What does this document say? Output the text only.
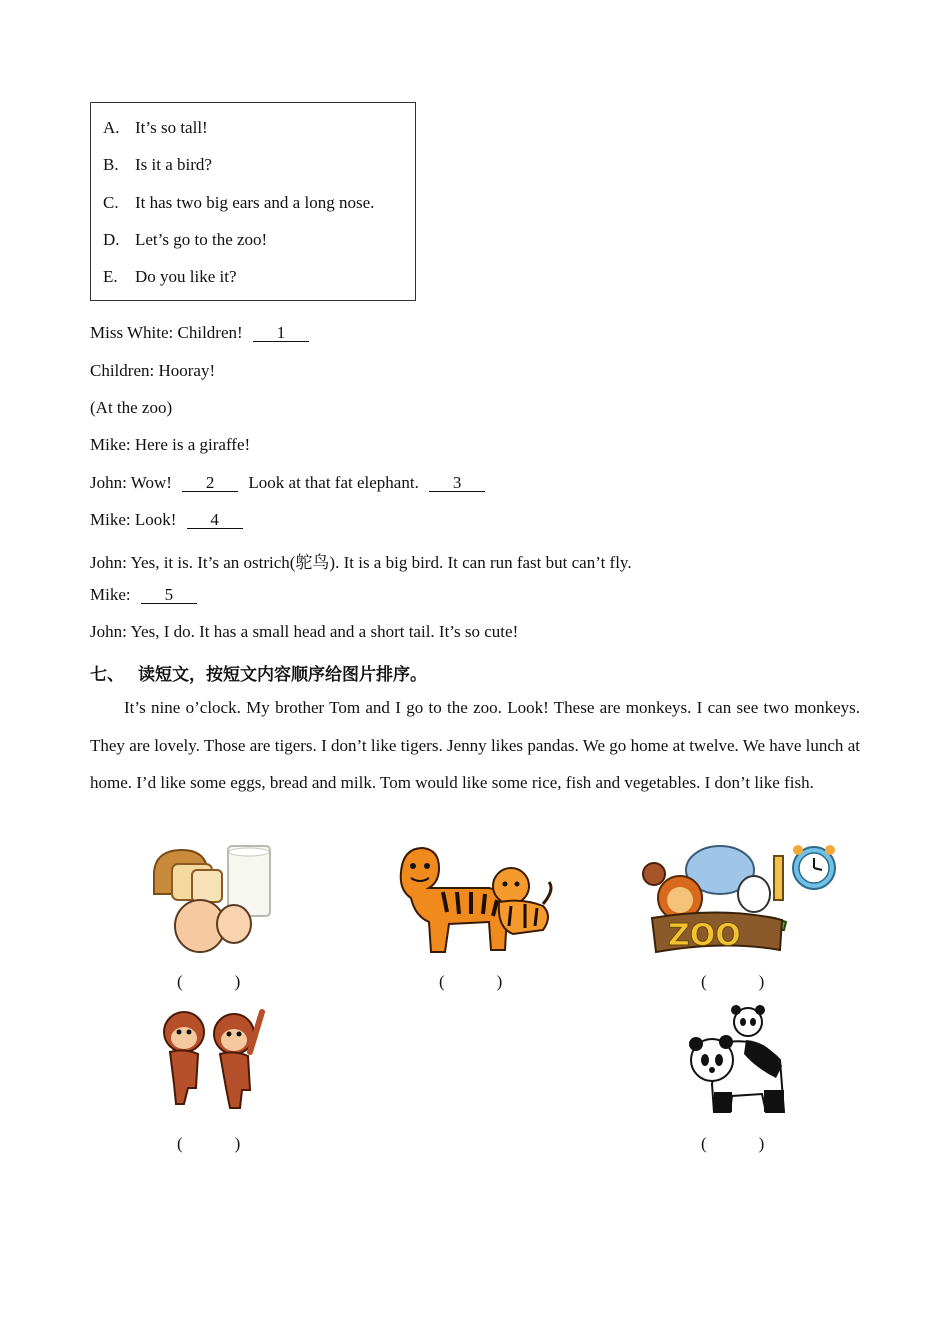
A. It’s so tall!
B. Is it a bird?
C. It has two big ears and a long nose.
D. Let’s go to the zoo!
E. Do you like it?
Miss White: Children! 1
Children: Hooray!
(At the zoo)
Mike: Here is a giraffe!
John: Wow! 2 Look at that fat elephant. 3
Mike: Look! 4
John: Yes, it is. It’s an ostrich(鸵鸟). It is a big bird. It can run fast but can’t fly.
Mike: 5
John: Yes, I do. It has a small head and a short tail. It’s so cute!
七、 读短文，按短文内容顺序给图片排序。
It’s nine o’clock. My brother Tom and I go to the zoo. Look! These are monkeys. I can see two monkeys. They are lovely. Those are tigers. I don’t like tigers. Jenny likes pandas. We go home at twelve. We have lunch at home. I’d like some eggs, bread and milk. Tom would like some rice, fish and vegetables. I don’t like fish.
ZOO
(	)	(	)	(	)
(	)	(	)
